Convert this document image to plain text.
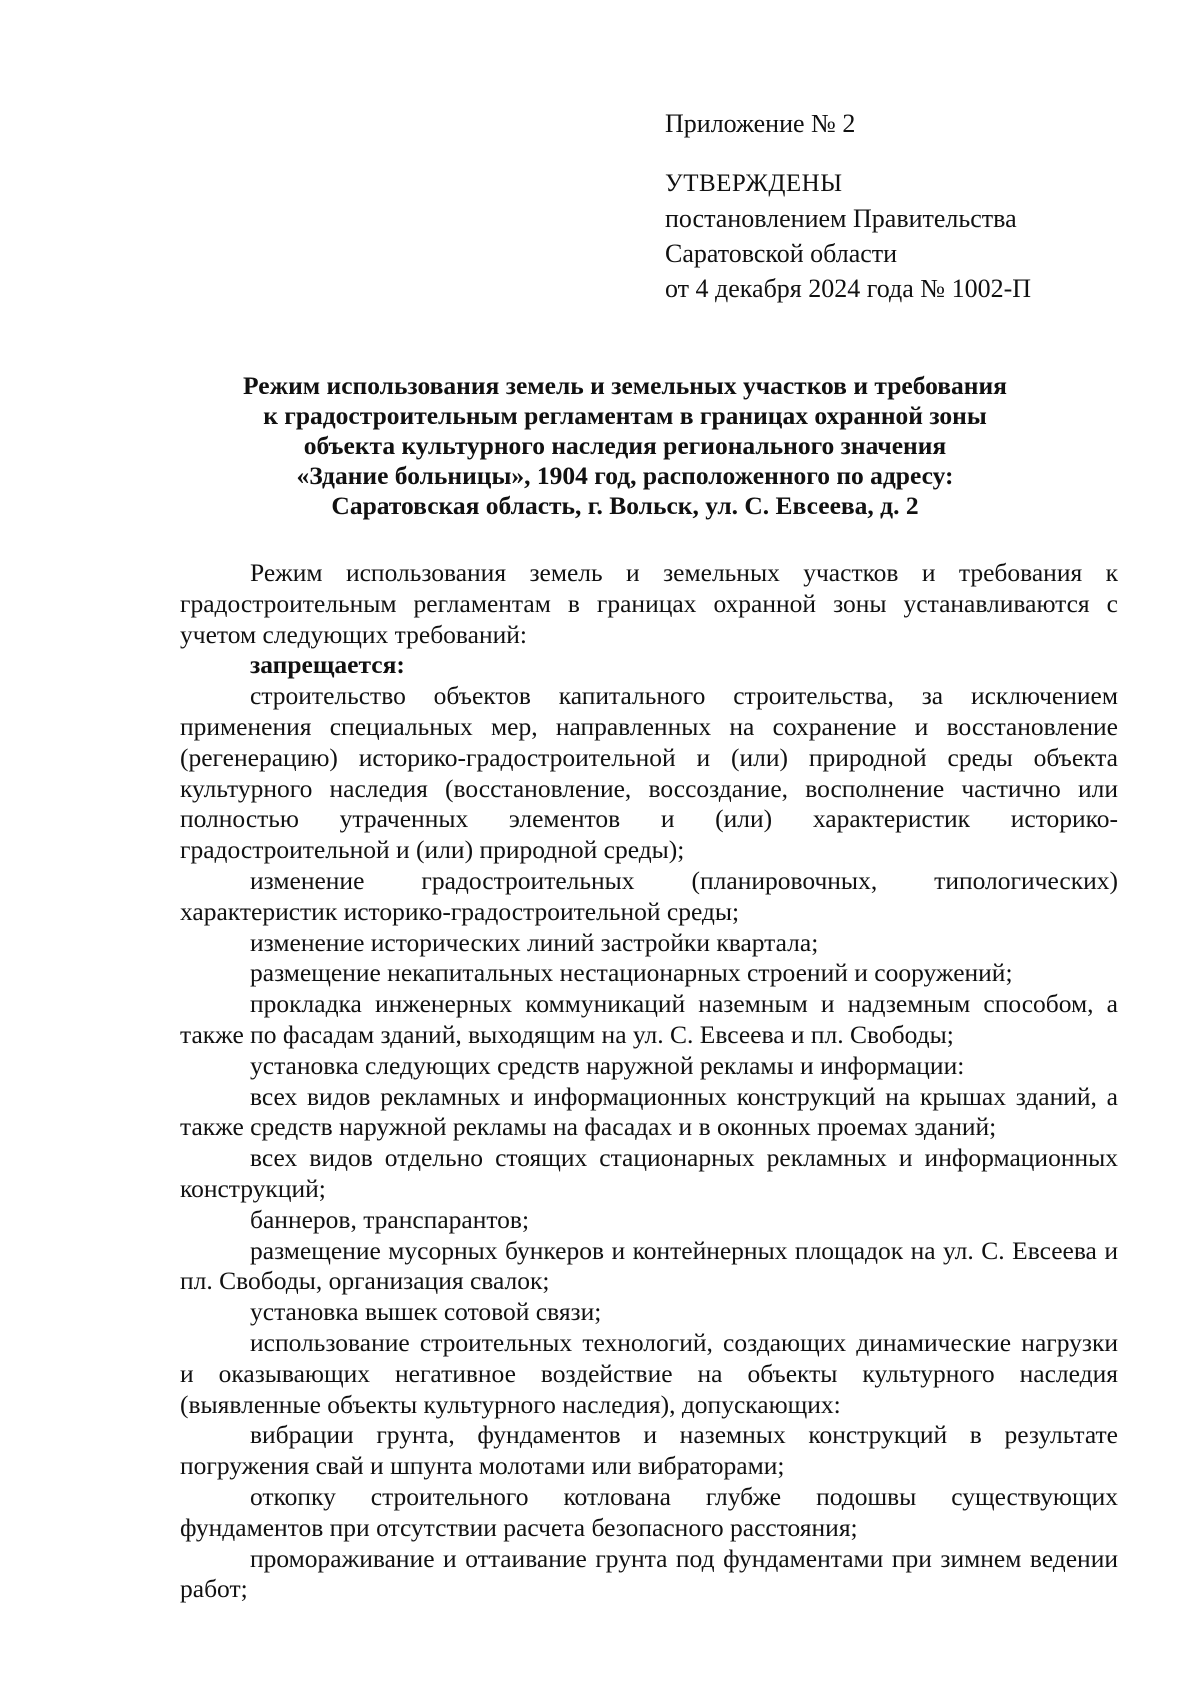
Приложение № 2
УТВЕРЖДЕНЫ
постановлением Правительства
Саратовской области
от 4 декабря 2024 года № 1002-П
Режим использования земель и земельных участков и требования
к градостроительным регламентам в границах охранной зоны
объекта культурного наследия регионального значения
«Здание больницы», 1904 год, расположенного по адресу:
Саратовская область, г. Вольск, ул. С. Евсеева, д. 2

Режим использования земель и земельных участков и требования к градостроительным регламентам в границах охранной зоны устанавливаются с учетом следующих требований:

запрещается:

строительство объектов капитального строительства, за исключением применения специальных мер, направленных на сохранение и восстановление (регенерацию) историко-градостроительной и (или) природной среды объекта культурного наследия (восстановление, воссоздание, восполнение частично или полностью утраченных элементов и (или) характеристик историко-градостроительной и (или) природной среды);

изменение градостроительных (планировочных, типологических) характеристик историко-градостроительной среды;

изменение исторических линий застройки квартала;

размещение некапитальных нестационарных строений и сооружений;

прокладка инженерных коммуникаций наземным и надземным способом, а также по фасадам зданий, выходящим на ул. С. Евсеева и пл. Свободы;

установка следующих средств наружной рекламы и информации:

всех видов рекламных и информационных конструкций на крышах зданий, а также средств наружной рекламы на фасадах и в оконных проемах зданий;

всех видов отдельно стоящих стационарных рекламных и информационных конструкций;

баннеров, транспарантов;

размещение мусорных бункеров и контейнерных площадок на ул. С. Евсеева и пл. Свободы, организация свалок;

установка вышек сотовой связи;

использование строительных технологий, создающих динамические нагрузки и оказывающих негативное воздействие на объекты культурного наследия (выявленные объекты культурного наследия), допускающих:

вибрации грунта, фундаментов и наземных конструкций в результате погружения свай и шпунта молотами или вибраторами;

откопку строительного котлована глубже подошвы существующих фундаментов при отсутствии расчета безопасного расстояния;

промораживание и оттаивание грунта под фундаментами при зимнем ведении работ;
